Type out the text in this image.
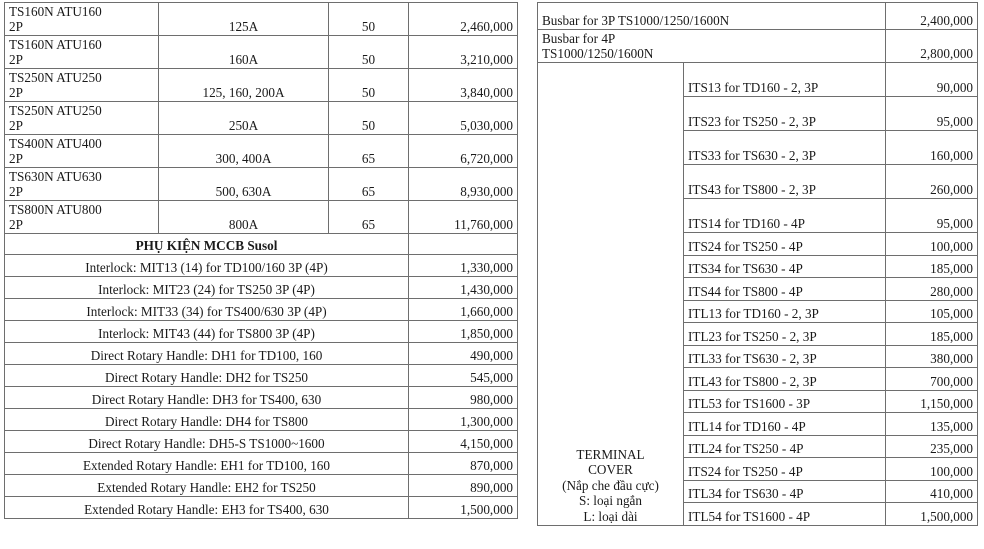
TS160N ATU160
2P	125A	50	2,460,000
TS160N ATU160
2P	160A	50	3,210,000
TS250N ATU250
2P	125, 160, 200A	50	3,840,000
TS250N ATU250
2P	250A	50	5,030,000
TS400N ATU400
2P	300, 400A	65	6,720,000
TS630N ATU630
2P	500, 630A	65	8,930,000
TS800N ATU800
2P	800A	65	11,760,000
PHỤ KIỆN MCCB Susol			
Interlock: MIT13 (14) for TD100/160 3P (4P)			1,330,000
Interlock: MIT23 (24) for TS250 3P (4P)			1,430,000
Interlock: MIT33 (34) for TS400/630 3P (4P)			1,660,000
Interlock: MIT43 (44) for TS800 3P (4P)			1,850,000
Direct Rotary Handle: DH1 for TD100, 160			490,000
Direct Rotary Handle: DH2 for TS250			545,000
Direct Rotary Handle: DH3 for TS400, 630			980,000
Direct Rotary Handle: DH4 for TS800			1,300,000
Direct Rotary Handle: DH5-S TS1000~1600			4,150,000
Extended Rotary Handle: EH1 for TD100, 160			870,000
Extended Rotary Handle: EH2 for TS250			890,000
Extended Rotary Handle: EH3 for TS400, 630			1,500,000
Busbar for 3P TS1000/1250/1600N		2,400,000
Busbar for 4P
TS1000/1250/1600N		2,800,000
TERMINAL
COVER
(Nắp che đầu cực)
S: loại ngắn
L: loại dài	ITS13 for TD160 - 2, 3P	90,000
	ITS23 for TS250 - 2, 3P	95,000
	ITS33 for TS630 - 2, 3P	160,000
	ITS43 for TS800 - 2, 3P	260,000
	ITS14 for TD160 - 4P	95,000
	ITS24 for TS250 - 4P	100,000
	ITS34 for TS630 - 4P	185,000
	ITS44 for TS800 - 4P	280,000
	ITL13 for TD160 - 2, 3P	105,000
	ITL23 for TS250 - 2, 3P	185,000
	ITL33 for TS630 - 2, 3P	380,000
	ITL43 for TS800 - 2, 3P	700,000
	ITL53 for TS1600 - 3P	1,150,000
	ITL14 for TD160 - 4P	135,000
	ITL24 for TS250 - 4P	235,000
	ITS24 for TS250 - 4P	100,000
	ITL34 for TS630 - 4P	410,000
	ITL54 for TS1600 - 4P	1,500,000
